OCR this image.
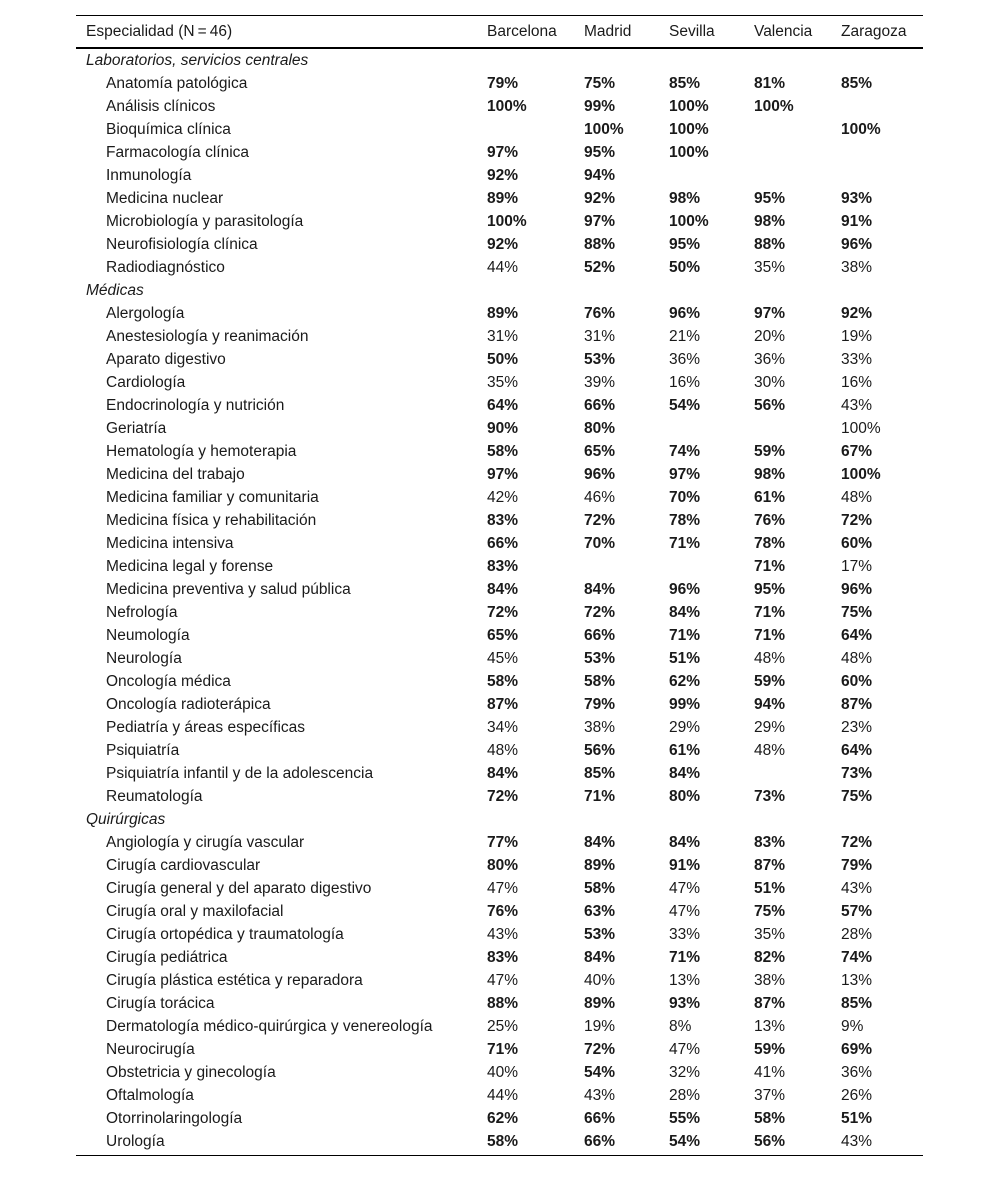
Especialidad (N = 46)	Barcelona	Madrid	Sevilla	Valencia	Zaragoza
Laboratorios, servicios centrales					
Anatomía patológica	79%	75%	85%	81%	85%
Análisis clínicos	100%	99%	100%	100%	
Bioquímica clínica		100%	100%		100%
Farmacología clínica	97%	95%	100%		
Inmunología	92%	94%			
Medicina nuclear	89%	92%	98%	95%	93%
Microbiología y parasitología	100%	97%	100%	98%	91%
Neurofisiología clínica	92%	88%	95%	88%	96%
Radiodiagnóstico	44%	52%	50%	35%	38%
Médicas					
Alergología	89%	76%	96%	97%	92%
Anestesiología y reanimación	31%	31%	21%	20%	19%
Aparato digestivo	50%	53%	36%	36%	33%
Cardiología	35%	39%	16%	30%	16%
Endocrinología y nutrición	64%	66%	54%	56%	43%
Geriatría	90%	80%			100%
Hematología y hemoterapia	58%	65%	74%	59%	67%
Medicina del trabajo	97%	96%	97%	98%	100%
Medicina familiar y comunitaria	42%	46%	70%	61%	48%
Medicina física y rehabilitación	83%	72%	78%	76%	72%
Medicina intensiva	66%	70%	71%	78%	60%
Medicina legal y forense	83%			71%	17%
Medicina preventiva y salud pública	84%	84%	96%	95%	96%
Nefrología	72%	72%	84%	71%	75%
Neumología	65%	66%	71%	71%	64%
Neurología	45%	53%	51%	48%	48%
Oncología médica	58%	58%	62%	59%	60%
Oncología radioterápica	87%	79%	99%	94%	87%
Pediatría y áreas específicas	34%	38%	29%	29%	23%
Psiquiatría	48%	56%	61%	48%	64%
Psiquiatría infantil y de la adolescencia	84%	85%	84%		73%
Reumatología	72%	71%	80%	73%	75%
Quirúrgicas					
Angiología y cirugía vascular	77%	84%	84%	83%	72%
Cirugía cardiovascular	80%	89%	91%	87%	79%
Cirugía general y del aparato digestivo	47%	58%	47%	51%	43%
Cirugía oral y maxilofacial	76%	63%	47%	75%	57%
Cirugía ortopédica y traumatología	43%	53%	33%	35%	28%
Cirugía pediátrica	83%	84%	71%	82%	74%
Cirugía plástica estética y reparadora	47%	40%	13%	38%	13%
Cirugía torácica	88%	89%	93%	87%	85%
Dermatología médico-quirúrgica y venereología	25%	19%	8%	13%	9%
Neurocirugía	71%	72%	47%	59%	69%
Obstetricia y ginecología	40%	54%	32%	41%	36%
Oftalmología	44%	43%	28%	37%	26%
Otorrinolaringología	62%	66%	55%	58%	51%
Urología	58%	66%	54%	56%	43%
